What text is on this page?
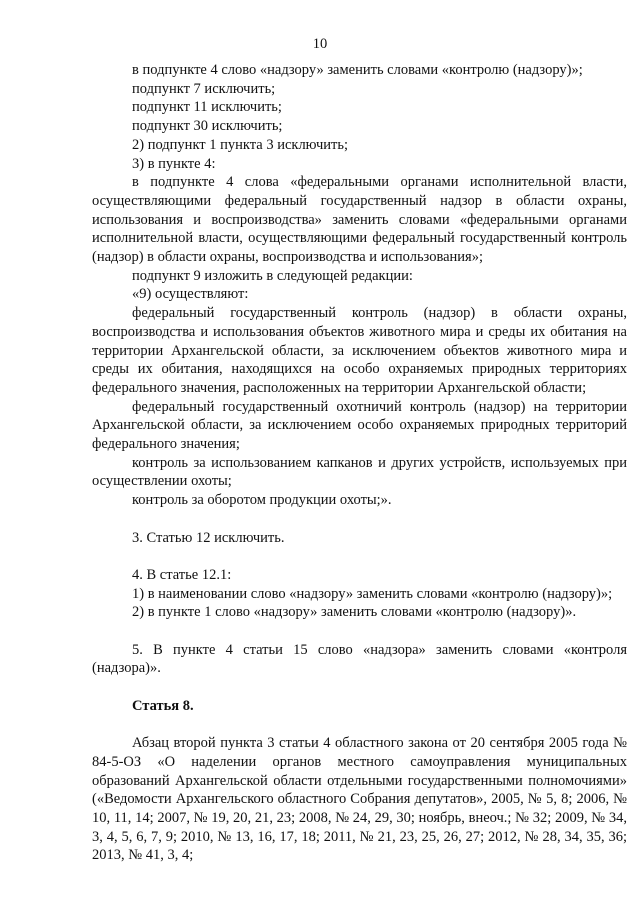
10

в подпункте 4 слово «надзору» заменить словами «контролю (надзору)»;

подпункт 7 исключить;

подпункт 11 исключить;

подпункт 30 исключить;

2) подпункт 1 пункта 3 исключить;

3) в пункте 4:

в подпункте 4 слова «федеральными органами исполнительной власти, осуществляющими федеральный государственный надзор в области охраны, использования и воспроизводства» заменить словами «федеральными органами исполнительной власти, осуществляющими федеральный государственный контроль (надзор) в области охраны, воспроизводства и использования»;

подпункт 9 изложить в следующей редакции:

«9) осуществляют:

федеральный государственный контроль (надзор) в области охраны, воспроизводства и использования объектов животного мира и среды их обитания на территории Архангельской области, за исключением объектов животного мира и среды их обитания, находящихся на особо охраняемых природных территориях федерального значения, расположенных на территории Архангельской области;

федеральный государственный охотничий контроль (надзор) на территории Архангельской области, за исключением особо охраняемых природных территорий федерального значения;

контроль за использованием капканов и других устройств, используемых при осуществлении охоты;

контроль за оборотом продукции охоты;».

3. Статью 12 исключить.

4. В статье 12.1:

1) в наименовании слово «надзору» заменить словами «контролю (надзору)»;

2) в пункте 1 слово «надзору» заменить словами «контролю (надзору)».

5. В пункте 4 статьи 15 слово «надзора» заменить словами «контроля (надзора)».

Статья 8.

Абзац второй пункта 3 статьи 4 областного закона от 20 сентября 2005 года № 84-5-ОЗ «О наделении органов местного самоуправления муниципальных образований Архангельской области отдельными государственными полномочиями» («Ведомости Архангельского областного Собрания депутатов», 2005, № 5, 8; 2006, № 10, 11, 14; 2007, № 19, 20, 21, 23; 2008, № 24, 29, 30; ноябрь, внеоч.; № 32; 2009, № 34, 3, 4, 5, 6, 7, 9; 2010, № 13, 16, 17, 18; 2011, № 21, 23, 25, 26, 27; 2012, № 28, 34, 35, 36; 2013, № 41, 3, 4;
